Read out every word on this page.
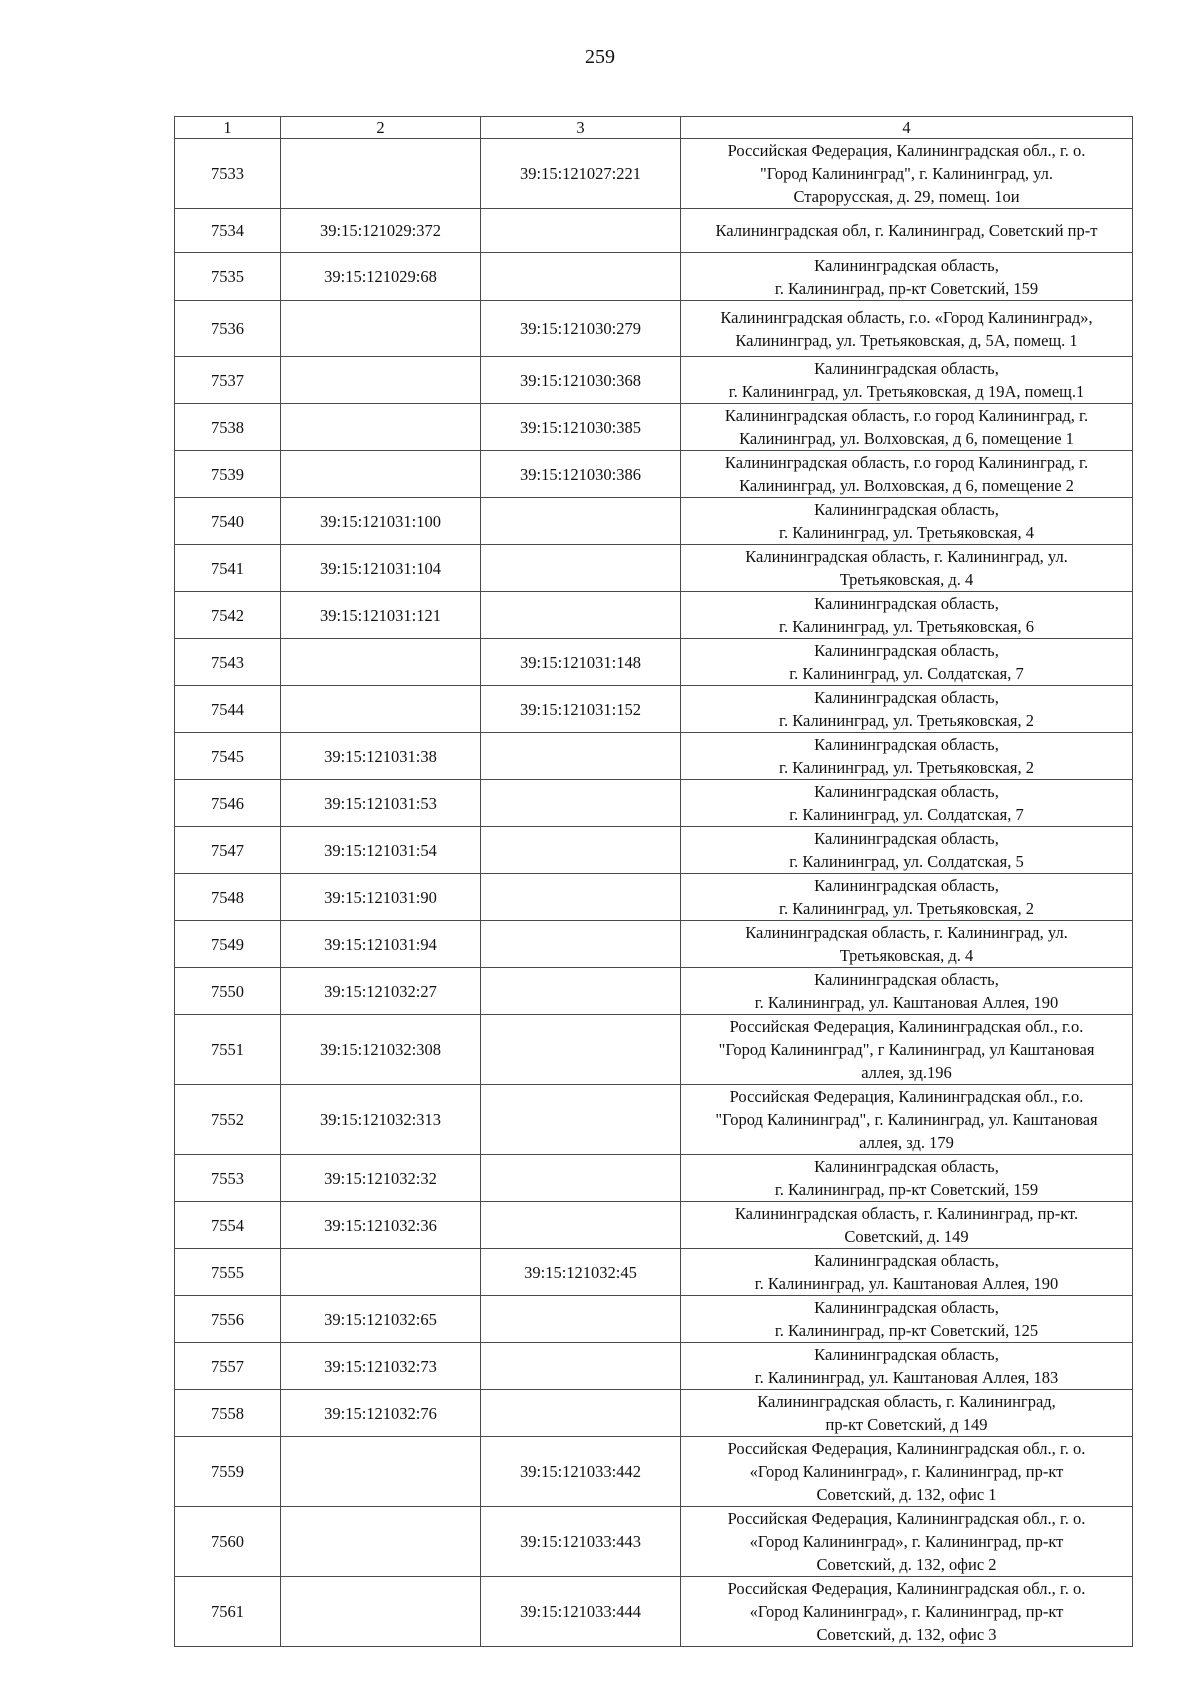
259
1	2	3	4
7533		39:15:121027:221	Российская Федерация, Калининградская обл., г. о.
"Город Калининград", г. Калининград, ул.
Старорусская, д. 29, помещ. 1ои

7534	39:15:121029:372		Калининградская обл, г. Калининград, Советский пр-т

7535	39:15:121029:68		Калининградская область,
г. Калининград, пр-кт Советский, 159

7536		39:15:121030:279	Калининградская область, г.о. «Город Калининград»,
Калининград, ул. Третьяковская, д, 5А, помещ. 1

7537		39:15:121030:368	Калининградская область,
г. Калининград, ул. Третьяковская, д 19А, помещ.1

7538		39:15:121030:385	Калининградская область, г.о город Калининград, г.
Калининград, ул. Волховская, д 6, помещение 1

7539		39:15:121030:386	Калининградская область, г.о город Калининград, г.
Калининград, ул. Волховская, д 6, помещение 2

7540	39:15:121031:100		Калининградская область,
г. Калининград, ул. Третьяковская, 4

7541	39:15:121031:104		Калининградская область, г. Калининград, ул.
Третьяковская, д. 4

7542	39:15:121031:121		Калининградская область,
г. Калининград, ул. Третьяковская, 6

7543		39:15:121031:148	Калининградская область,
г. Калининград, ул. Солдатская, 7

7544		39:15:121031:152	Калининградская область,
г. Калининград, ул. Третьяковская, 2

7545	39:15:121031:38		Калининградская область,
г. Калининград, ул. Третьяковская, 2

7546	39:15:121031:53		Калининградская область,
г. Калининград, ул. Солдатская, 7

7547	39:15:121031:54		Калининградская область,
г. Калининград, ул. Солдатская, 5

7548	39:15:121031:90		Калининградская область,
г. Калининград, ул. Третьяковская, 2

7549	39:15:121031:94		Калининградская область, г. Калининград, ул.
Третьяковская, д. 4

7550	39:15:121032:27		Калининградская область,
г. Калининград, ул. Каштановая Аллея, 190

7551	39:15:121032:308		Российская Федерация, Калининградская обл., г.о.
"Город Калининград", г Калининград, ул Каштановая
аллея, зд.196

7552	39:15:121032:313		Российская Федерация, Калининградская обл., г.о.
"Город Калининград", г. Калининград, ул. Каштановая
аллея, зд. 179

7553	39:15:121032:32		Калининградская область,
г. Калининград, пр-кт Советский, 159

7554	39:15:121032:36		Калининградская область, г. Калининград, пр-кт.
Советский, д. 149

7555		39:15:121032:45	Калининградская область,
г. Калининград, ул. Каштановая Аллея, 190

7556	39:15:121032:65		Калининградская область,
г. Калининград, пр-кт Советский, 125

7557	39:15:121032:73		Калининградская область,
г. Калининград, ул. Каштановая Аллея, 183

7558	39:15:121032:76		Калининградская область, г. Калининград,
пр-кт Советский, д 149

7559		39:15:121033:442	Российская Федерация, Калининградская обл., г. о.
«Город Калининград», г. Калининград, пр-кт
Советский, д. 132, офис 1

7560		39:15:121033:443	Российская Федерация, Калининградская обл., г. о.
«Город Калининград», г. Калининград, пр-кт
Советский, д. 132, офис 2

7561		39:15:121033:444	Российская Федерация, Калининградская обл., г. о.
«Город Калининград», г. Калининград, пр-кт
Советский, д. 132, офис 3
